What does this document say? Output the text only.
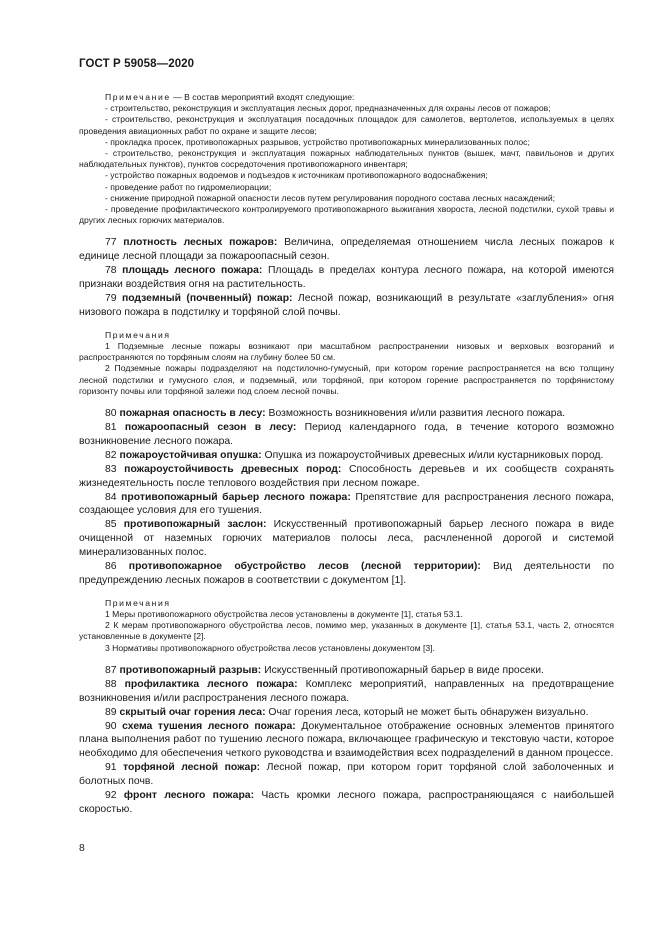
ГОСТ Р 59058—2020

Примечание — В состав мероприятий входят следующие:

- строительство, реконструкция и эксплуатация лесных дорог, предназначенных для охраны лесов от пожаров;

- строительство, реконструкция и эксплуатация посадочных площадок для самолетов, вертолетов, используемых в целях проведения авиационных работ по охране и защите лесов;

- прокладка просек, противопожарных разрывов, устройство противопожарных минерализованных полос;

- строительство, реконструкция и эксплуатация пожарных наблюдательных пунктов (вышек, мачт, павильонов и других наблюдательных пунктов), пунктов сосредоточения противопожарного инвентаря;

- устройство пожарных водоемов и подъездов к источникам противопожарного водоснабжения;

- проведение работ по гидромелиорации;

- снижение природной пожарной опасности лесов путем регулирования породного состава лесных насаждений;

- проведение профилактического контролируемого противопожарного выжигания хвороста, лесной подстилки, сухой травы и других лесных горючих материалов.

77 плотность лесных пожаров: Величина, определяемая отношением числа лесных пожаров к единице лесной площади за пожароопасный сезон.

78 площадь лесного пожара: Площадь в пределах контура лесного пожара, на которой имеются признаки воздействия огня на растительность.

79 подземный (почвенный) пожар: Лесной пожар, возникающий в результате «заглубления» огня низового пожара в подстилку и торфяной слой почвы.

Примечания

1 Подземные лесные пожары возникают при масштабном распространении низовых и верховых возгораний и распространяются по торфяным слоям на глубину более 50 см.

2 Подземные пожары подразделяют на подстилочно-гумусный, при котором горение распространяется на всю толщину лесной подстилки и гумусного слоя, и подземный, или торфяной, при котором горение распространяется по торфянистому горизонту почвы или торфяной залежи под слоем лесной почвы.

80 пожарная опасность в лесу: Возможность возникновения и/или развития лесного пожара.

81 пожароопасный сезон в лесу: Период календарного года, в течение которого возможно возникновение лесного пожара.

82 пожароустойчивая опушка: Опушка из пожароустойчивых древесных и/или кустарниковых пород.

83 пожароустойчивость древесных пород: Способность деревьев и их сообществ сохранять жизнедеятельность после теплового воздействия при лесном пожаре.

84 противопожарный барьер лесного пожара: Препятствие для распространения лесного пожара, создающее условия для его тушения.

85 противопожарный заслон: Искусственный противопожарный барьер лесного пожара в виде очищенной от наземных горючих материалов полосы леса, расчлененной дорогой и системой минерализованных полос.

86 противопожарное обустройство лесов (лесной территории): Вид деятельности по предупреждению лесных пожаров в соответствии с документом [1].

Примечания

1 Меры противопожарного обустройства лесов установлены в документе [1], статья 53.1.

2 К мерам противопожарного обустройства лесов, помимо мер, указанных в документе [1], статья 53.1, часть 2, относятся установленные в документе [2].

3 Нормативы противопожарного обустройства лесов установлены документом [3].

87 противопожарный разрыв: Искусственный противопожарный барьер в виде просеки.

88 профилактика лесного пожара: Комплекс мероприятий, направленных на предотвращение возникновения и/или распространения лесного пожара.

89 скрытый очаг горения леса: Очаг горения леса, который не может быть обнаружен визуально.

90 схема тушения лесного пожара: Документальное отображение основных элементов принятого плана выполнения работ по тушению лесного пожара, включающее графическую и текстовую части, которое необходимо для обеспечения четкого руководства и взаимодействия всех подразделений в данном процессе.

91 торфяной лесной пожар: Лесной пожар, при котором горит торфяной слой заболоченных и болотных почв.

92 фронт лесного пожара: Часть кромки лесного пожара, распространяющаяся с наибольшей скоростью.

8
